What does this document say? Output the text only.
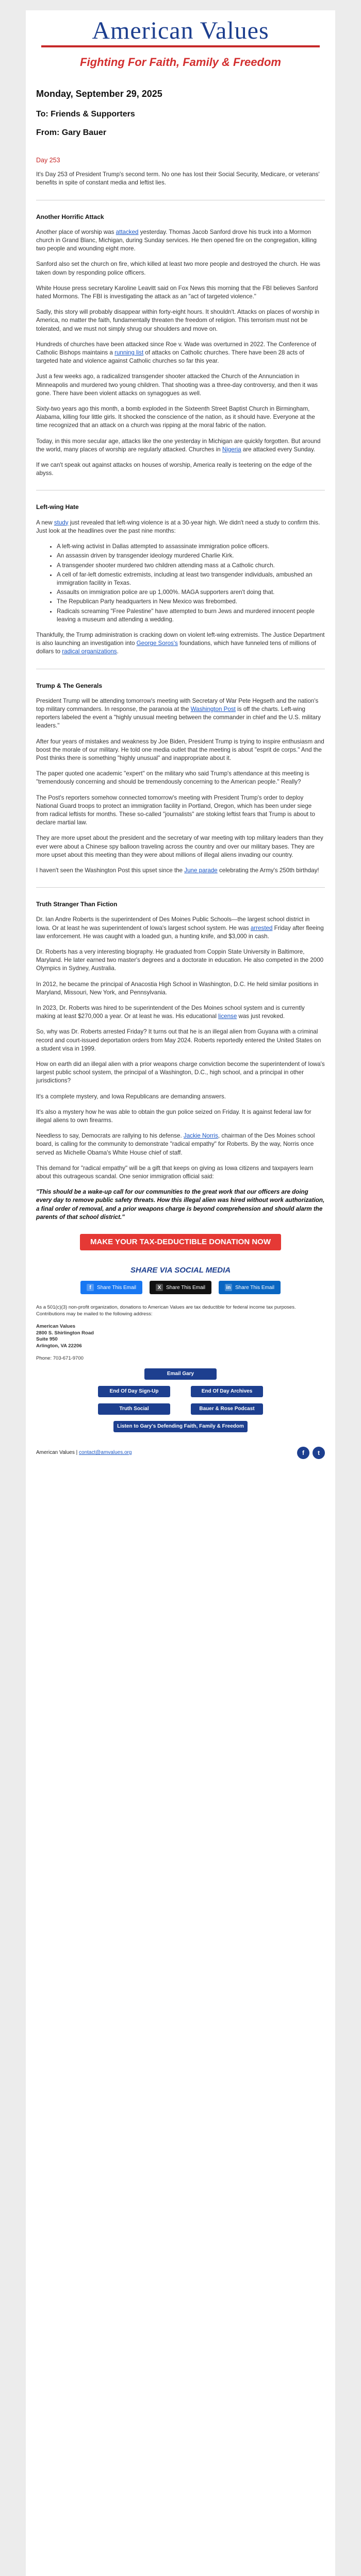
American Values
Fighting For Faith, Family & Freedom
Monday, September 29, 2025
To: Friends & Supporters
From: Gary Bauer

Day 253

It's Day 253 of President Trump's second term. No one has lost their Social Security, Medicare, or veterans' benefits in spite of constant media and leftist lies.

Another Horrific Attack

Another place of worship was attacked yesterday. Thomas Jacob Sanford drove his truck into a Mormon church in Grand Blanc, Michigan, during Sunday services. He then opened fire on the congregation, killing two people and wounding eight more.

Sanford also set the church on fire, which killed at least two more people and destroyed the church. He was taken down by responding police officers.

White House press secretary Karoline Leavitt said on Fox News this morning that the FBI believes Sanford hated Mormons. The FBI is investigating the attack as an "act of targeted violence."

Sadly, this story will probably disappear within forty-eight hours. It shouldn't. Attacks on places of worship in America, no matter the faith, fundamentally threaten the freedom of religion. This terrorism must not be tolerated, and we must not simply shrug our shoulders and move on.

Hundreds of churches have been attacked since Roe v. Wade was overturned in 2022. The Conference of Catholic Bishops maintains a running list of attacks on Catholic churches. There have been 28 acts of targeted hate and violence against Catholic churches so far this year.

Just a few weeks ago, a radicalized transgender shooter attacked the Church of the Annunciation in Minneapolis and murdered two young children. That shooting was a three-day controversy, and then it was gone. There have been violent attacks on synagogues as well.

Sixty-two years ago this month, a bomb exploded in the Sixteenth Street Baptist Church in Birmingham, Alabama, killing four little girls. It shocked the conscience of the nation, as it should have. Everyone at the time recognized that an attack on a church was ripping at the moral fabric of the nation.

Today, in this more secular age, attacks like the one yesterday in Michigan are quickly forgotten. But around the world, many places of worship are regularly attacked. Churches in Nigeria are attacked every Sunday.

If we can't speak out against attacks on houses of worship, America really is teetering on the edge of the abyss.

Left-wing Hate

A new study just revealed that left-wing violence is at a 30-year high. We didn't need a study to confirm this. Just look at the headlines over the past nine months:

• A left-wing activist in Dallas attempted to assassinate immigration police officers.
• An assassin driven by transgender ideology murdered Charlie Kirk.
• A transgender shooter murdered two children attending mass at a Catholic church.
• A cell of far-left domestic extremists, including at least two transgender individuals, ambushed an immigration facility in Texas.
• Assaults on immigration police are up 1,000%. MAGA supporters aren't doing that.
• The Republican Party headquarters in New Mexico was firebombed.
• Radicals screaming "Free Palestine" have attempted to burn Jews and murdered innocent people leaving a museum and attending a wedding.

Thankfully, the Trump administration is cracking down on violent left-wing extremists. The Justice Department is also launching an investigation into George Soros's foundations, which have funneled tens of millions of dollars to radical organizations.

Trump & The Generals

President Trump will be attending tomorrow's meeting with Secretary of War Pete Hegseth and the nation's top military commanders. In response, the paranoia at the Washington Post is off the charts. Left-wing reporters labeled the event a "highly unusual meeting between the commander in chief and the U.S. military leaders."

After four years of mistakes and weakness by Joe Biden, President Trump is trying to inspire enthusiasm and boost the morale of our military. He told one media outlet that the meeting is about "esprit de corps." And the Post thinks there is something "highly unusual" and inappropriate about it.

The paper quoted one academic "expert" on the military who said Trump's attendance at this meeting is "tremendously concerning and should be tremendously concerning to the American people." Really?

The Post's reporters somehow connected tomorrow's meeting with President Trump's order to deploy National Guard troops to protect an immigration facility in Portland, Oregon, which has been under siege from radical leftists for months. These so-called "journalists" are stoking leftist fears that Trump is about to declare martial law.

They are more upset about the president and the secretary of war meeting with top military leaders than they ever were about a Chinese spy balloon traveling across the country and over our military bases. They are more upset about this meeting than they were about millions of illegal aliens invading our country.

I haven't seen the Washington Post this upset since the June parade celebrating the Army's 250th birthday!

Truth Stranger Than Fiction

Dr. Ian Andre Roberts is the superintendent of Des Moines Public Schools—the largest school district in Iowa. Or at least he was superintendent of Iowa's largest school system. He was arrested Friday after fleeing law enforcement. He was caught with a loaded gun, a hunting knife, and $3,000 in cash.

Dr. Roberts has a very interesting biography. He graduated from Coppin State University in Baltimore, Maryland. He later earned two master's degrees and a doctorate in education. He also competed in the 2000 Olympics in Sydney, Australia.

In 2012, he became the principal of Anacostia High School in Washington, D.C. He held similar positions in Maryland, Missouri, New York, and Pennsylvania.

In 2023, Dr. Roberts was hired to be superintendent of the Des Moines school system and is currently making at least $270,000 a year. Or at least he was. His educational license was just revoked.

So, why was Dr. Roberts arrested Friday? It turns out that he is an illegal alien from Guyana with a criminal record and court-issued deportation orders from May 2024. Roberts reportedly entered the United States on a student visa in 1999.

How on earth did an illegal alien with a prior weapons charge conviction become the superintendent of Iowa's largest public school system, the principal of a Washington, D.C., high school, and a principal in other jurisdictions?

It's a complete mystery, and Iowa Republicans are demanding answers.

It's also a mystery how he was able to obtain the gun police seized on Friday. It is against federal law for illegal aliens to own firearms.

Needless to say, Democrats are rallying to his defense. Jackie Norris, chairman of the Des Moines school board, is calling for the community to demonstrate "radical empathy" for Roberts. By the way, Norris once served as Michelle Obama's White House chief of staff.

This demand for "radical empathy" will be a gift that keeps on giving as Iowa citizens and taxpayers learn about this outrageous scandal. One senior immigration official said:

"This should be a wake-up call for our communities to the great work that our officers are doing every day to remove public safety threats. How this illegal alien was hired without work authorization, a final order of removal, and a prior weapons charge is beyond comprehension and should alarm the parents of that school district."

MAKE YOUR TAX-DEDUCTIBLE DONATION NOW
SHARE VIA SOCIAL MEDIA
f	Share This Email	X Share This Email	in Share This Email

As a 501(c)(3) non-profit organization, donations to American Values are tax deductible for federal income tax purposes. Contributions may be mailed to the following address:

American Values
2800 S. Shirlington Road
Suite 950
Arlington, VA 22206

Phone: 703-671-9700

Email Gary
End Of Day Sign-Up	End Of Day Archives
Truth Social	Bauer & Rose Podcast
Listen to Gary's Defending Faith, Family & Freedom podcasts
American Values | contact@amvalues.org	f	t
